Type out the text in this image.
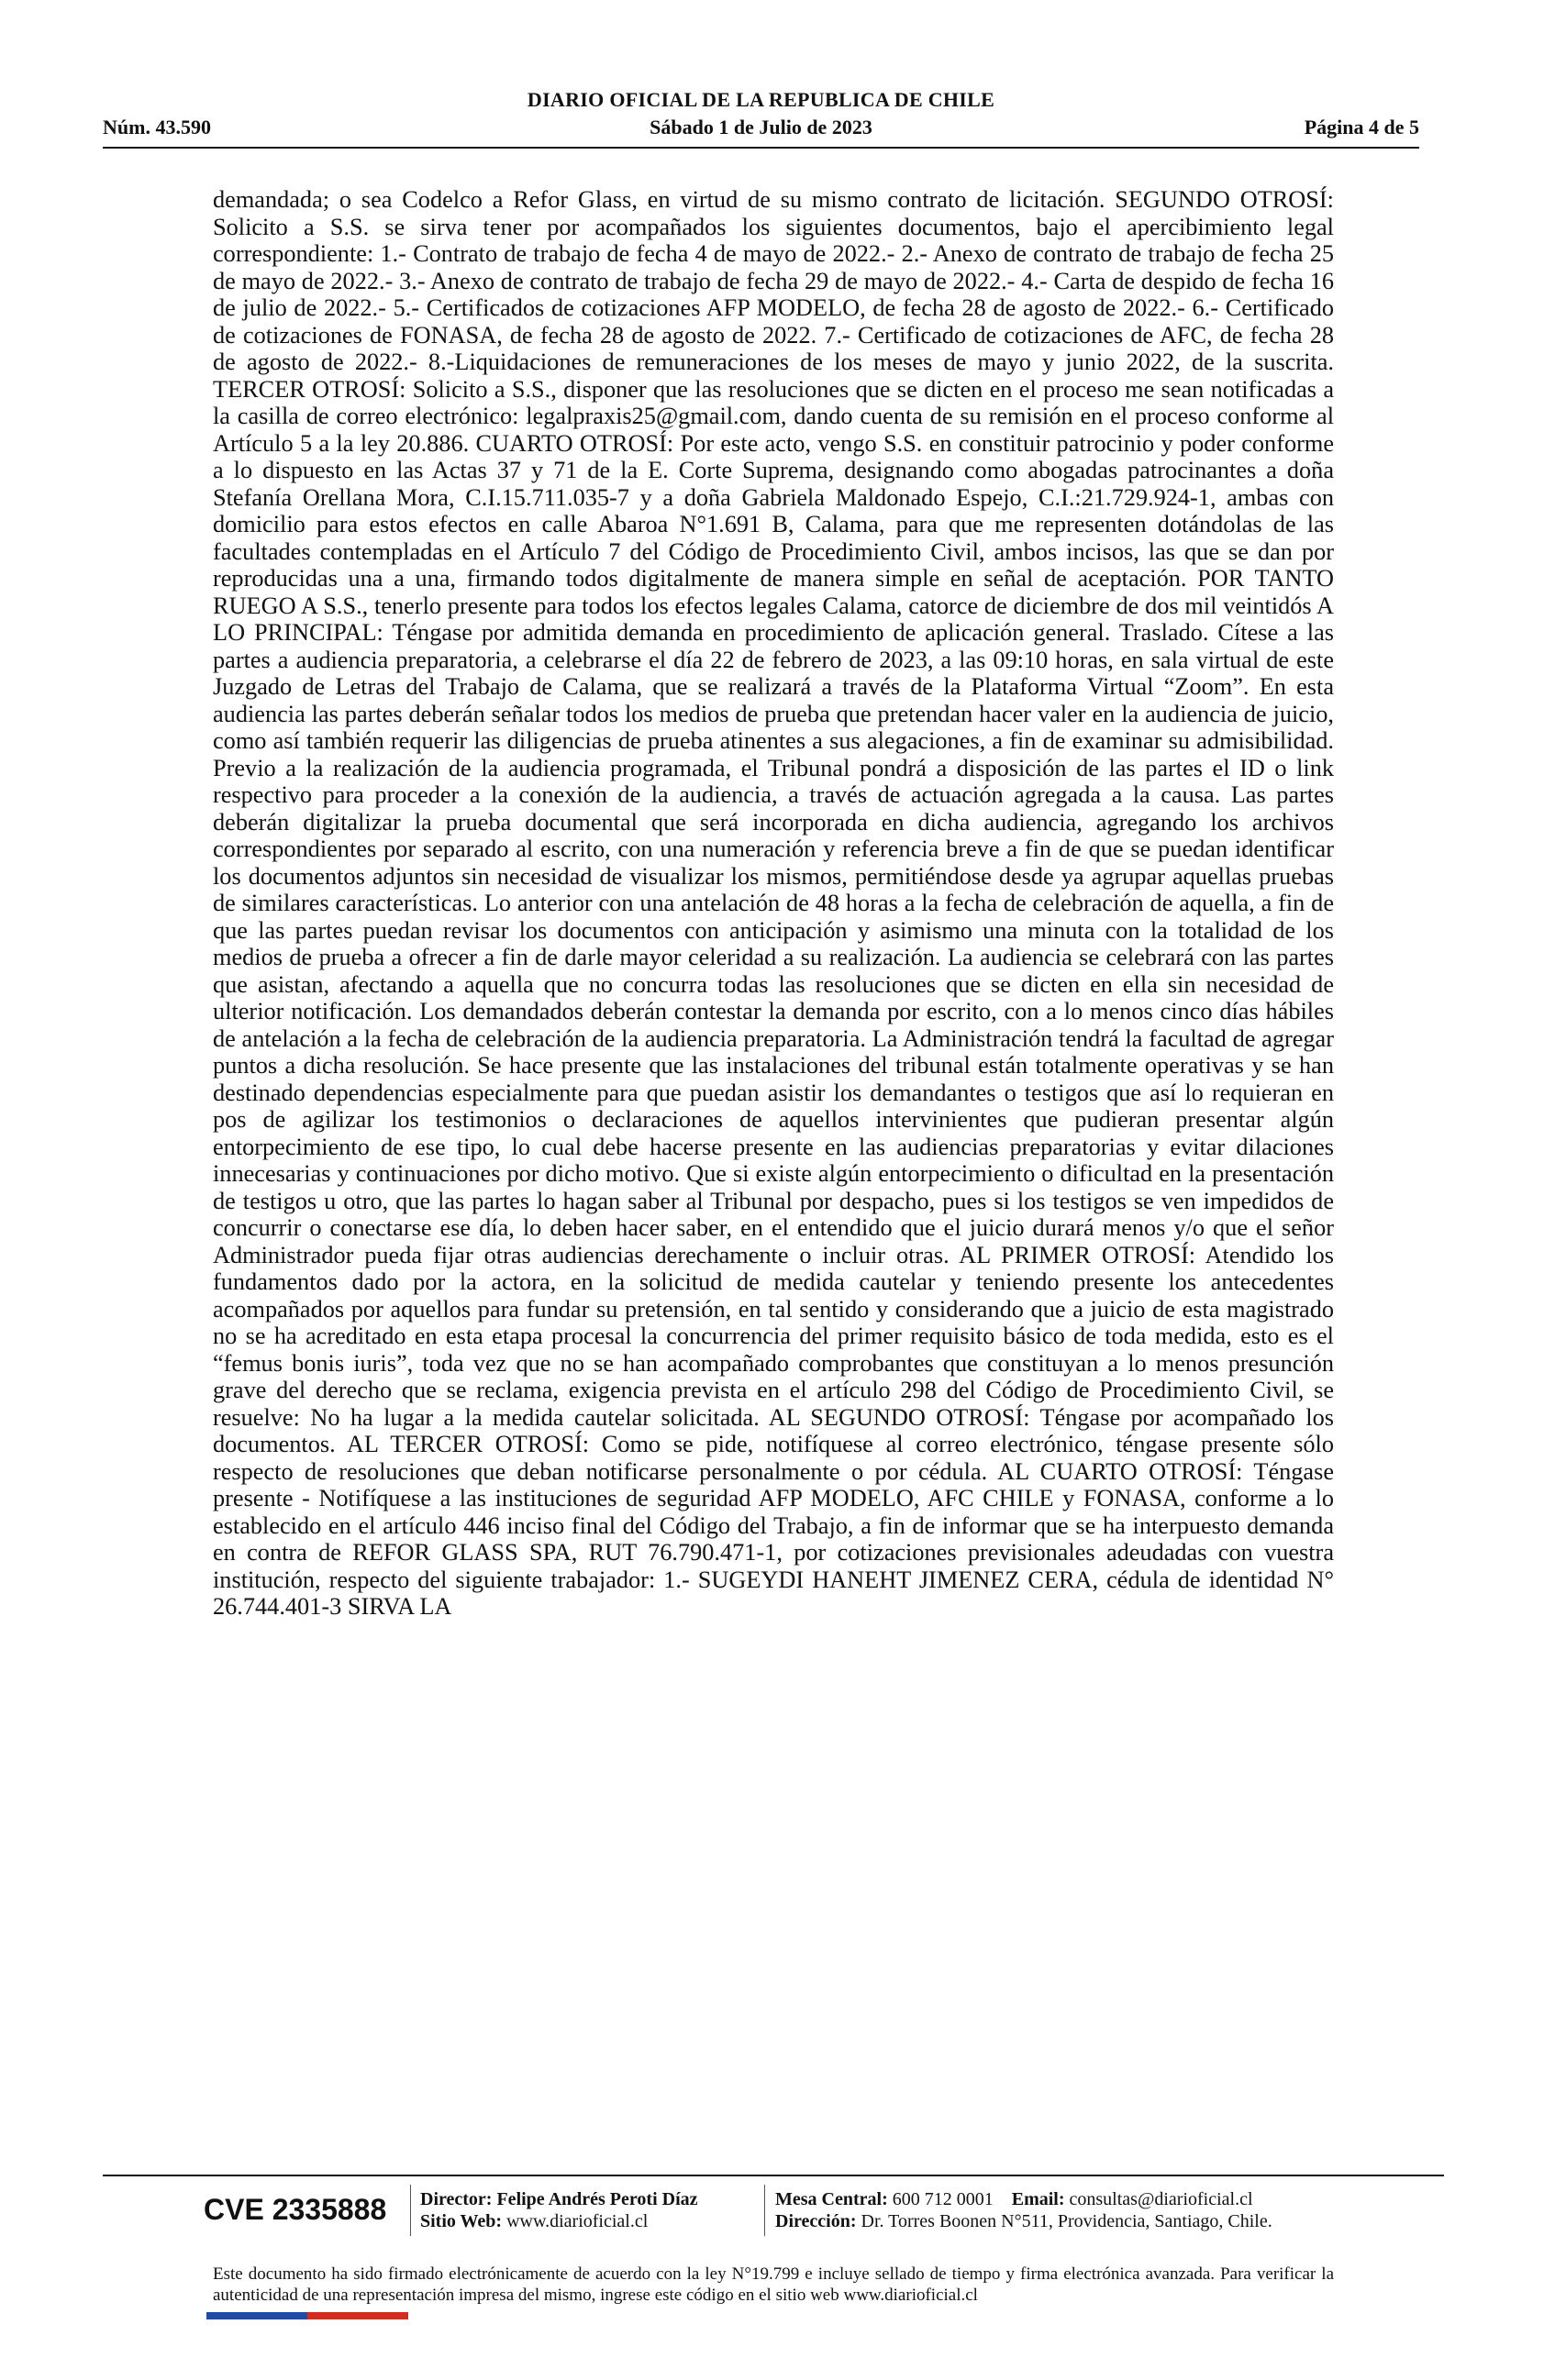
DIARIO OFICIAL DE LA REPUBLICA DE CHILE
Núm. 43.590	Sábado 1 de Julio de 2023	Página 4 de 5
demandada; o sea Codelco a Refor Glass, en virtud de su mismo contrato de licitación. SEGUNDO OTROSÍ: Solicito a S.S. se sirva tener por acompañados los siguientes documentos, bajo el apercibimiento legal correspondiente: 1.- Contrato de trabajo de fecha 4 de mayo de 2022.- 2.- Anexo de contrato de trabajo de fecha 25 de mayo de 2022.- 3.- Anexo de contrato de trabajo de fecha 29 de mayo de 2022.- 4.- Carta de despido de fecha 16 de julio de 2022.- 5.- Certificados de cotizaciones AFP MODELO, de fecha 28 de agosto de 2022.- 6.- Certificado de cotizaciones de FONASA, de fecha 28 de agosto de 2022. 7.- Certificado de cotizaciones de AFC, de fecha 28 de agosto de 2022.- 8.-Liquidaciones de remuneraciones de los meses de mayo y junio 2022, de la suscrita. TERCER OTROSÍ: Solicito a S.S., disponer que las resoluciones que se dicten en el proceso me sean notificadas a la casilla de correo electrónico: legalpraxis25@gmail.com, dando cuenta de su remisión en el proceso conforme al Artículo 5 a la ley 20.886. CUARTO OTROSÍ: Por este acto, vengo S.S. en constituir patrocinio y poder conforme a lo dispuesto en las Actas 37 y 71 de la E. Corte Suprema, designando como abogadas patrocinantes a doña Stefanía Orellana Mora, C.I.15.711.035-7 y a doña Gabriela Maldonado Espejo, C.I.:21.729.924-1, ambas con domicilio para estos efectos en calle Abaroa N°1.691 B, Calama, para que me representen dotándolas de las facultades contempladas en el Artículo 7 del Código de Procedimiento Civil, ambos incisos, las que se dan por reproducidas una a una, firmando todos digitalmente de manera simple en señal de aceptación. POR TANTO RUEGO A S.S., tenerlo presente para todos los efectos legales Calama, catorce de diciembre de dos mil veintidós A LO PRINCIPAL: Téngase por admitida demanda en procedimiento de aplicación general. Traslado. Cítese a las partes a audiencia preparatoria, a celebrarse el día 22 de febrero de 2023, a las 09:10 horas, en sala virtual de este Juzgado de Letras del Trabajo de Calama, que se realizará a través de la Plataforma Virtual “Zoom”. En esta audiencia las partes deberán señalar todos los medios de prueba que pretendan hacer valer en la audiencia de juicio, como así también requerir las diligencias de prueba atinentes a sus alegaciones, a fin de examinar su admisibilidad. Previo a la realización de la audiencia programada, el Tribunal pondrá a disposición de las partes el ID o link respectivo para proceder a la conexión de la audiencia, a través de actuación agregada a la causa. Las partes deberán digitalizar la prueba documental que será incorporada en dicha audiencia, agregando los archivos correspondientes por separado al escrito, con una numeración y referencia breve a fin de que se puedan identificar los documentos adjuntos sin necesidad de visualizar los mismos, permitiéndose desde ya agrupar aquellas pruebas de similares características. Lo anterior con una antelación de 48 horas a la fecha de celebración de aquella, a fin de que las partes puedan revisar los documentos con anticipación y asimismo una minuta con la totalidad de los medios de prueba a ofrecer a fin de darle mayor celeridad a su realización. La audiencia se celebrará con las partes que asistan, afectando a aquella que no concurra todas las resoluciones que se dicten en ella sin necesidad de ulterior notificación. Los demandados deberán contestar la demanda por escrito, con a lo menos cinco días hábiles de antelación a la fecha de celebración de la audiencia preparatoria. La Administración tendrá la facultad de agregar puntos a dicha resolución. Se hace presente que las instalaciones del tribunal están totalmente operativas y se han destinado dependencias especialmente para que puedan asistir los demandantes o testigos que así lo requieran en pos de agilizar los testimonios o declaraciones de aquellos intervinientes que pudieran presentar algún entorpecimiento de ese tipo, lo cual debe hacerse presente en las audiencias preparatorias y evitar dilaciones innecesarias y continuaciones por dicho motivo. Que si existe algún entorpecimiento o dificultad en la presentación de testigos u otro, que las partes lo hagan saber al Tribunal por despacho, pues si los testigos se ven impedidos de concurrir o conectarse ese día, lo deben hacer saber, en el entendido que el juicio durará menos y/o que el señor Administrador pueda fijar otras audiencias derechamente o incluir otras. AL PRIMER OTROSÍ: Atendido los fundamentos dado por la actora, en la solicitud de medida cautelar y teniendo presente los antecedentes acompañados por aquellos para fundar su pretensión, en tal sentido y considerando que a juicio de esta magistrado no se ha acreditado en esta etapa procesal la concurrencia del primer requisito básico de toda medida, esto es el “femus bonis iuris”, toda vez que no se han acompañado comprobantes que constituyan a lo menos presunción grave del derecho que se reclama, exigencia prevista en el artículo 298 del Código de Procedimiento Civil, se resuelve: No ha lugar a la medida cautelar solicitada. AL SEGUNDO OTROSÍ: Téngase por acompañado los documentos. AL TERCER OTROSÍ: Como se pide, notifíquese al correo electrónico, téngase presente sólo respecto de resoluciones que deban notificarse personalmente o por cédula. AL CUARTO OTROSÍ: Téngase presente - Notifíquese a las instituciones de seguridad AFP MODELO, AFC CHILE y FONASA, conforme a lo establecido en el artículo 446 inciso final del Código del Trabajo, a fin de informar que se ha interpuesto demanda en contra de REFOR GLASS SPA, RUT 76.790.471-1, por cotizaciones previsionales adeudadas con vuestra institución, respecto del siguiente trabajador: 1.- SUGEYDI HANEHT JIMENEZ CERA, cédula de identidad N° 26.744.401-3 SIRVA LA
CVE 2335888	Director: Felipe Andrés Peroti Díaz
Sitio Web: www.diarioficial.cl
Mesa Central: 600 712 0001 Email: consultas@diarioficial.cl
Dirección: Dr. Torres Boonen N°511, Providencia, Santiago, Chile.
Este documento ha sido firmado electrónicamente de acuerdo con la ley N°19.799 e incluye sellado de tiempo y firma electrónica avanzada. Para verificar la autenticidad de una representación impresa del mismo, ingrese este código en el sitio web www.diarioficial.cl
